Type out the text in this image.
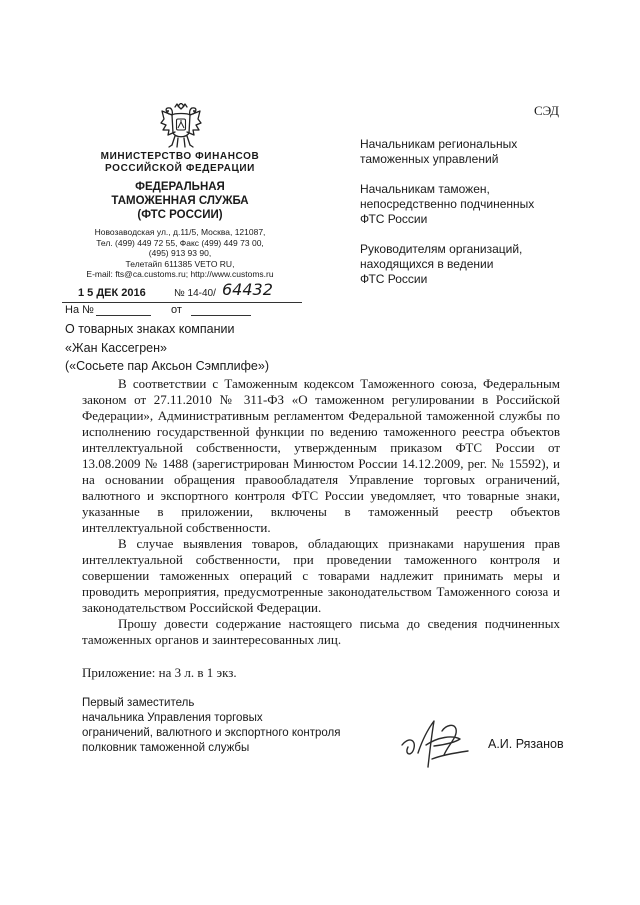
СЭД
МИНИСТЕРСТВО ФИНАНСОВ
РОССИЙСКОЙ ФЕДЕРАЦИИ
ФЕДЕРАЛЬНАЯ
ТАМОЖЕННАЯ СЛУЖБА
(ФТС РОССИИ)
Новозаводская ул., д.11/5, Москва, 121087,
Тел. (499) 449 72 55, Факс (499) 449 73 00,
(495) 913 93 90,
Телетайп 611385 VETO RU,
E-mail: fts@ca.customs.ru; http://www.customs.ru
1 5 ДЕК 2016	№ 14-40/ 64432
На №	от
О товарных знаках компании
«Жан Кассегрен»
(«Сосьете пар Аксьон Сэмплифе»)
Начальникам региональных
таможенных управлений
Начальникам таможен,
непосредственно подчиненных
ФТС России
Руководителям организаций,
находящихся в ведении
ФТС России

В соответствии с Таможенным кодексом Таможенного союза, Федеральным законом от 27.11.2010 № 311-ФЗ «О таможенном регулировании в Российской Федерации», Административным регламентом Федеральной таможенной службы по исполнению государственной функции по ведению таможенного реестра объектов интеллектуальной собственности, утвержденным приказом ФТС России от 13.08.2009 № 1488 (зарегистрирован Минюстом России 14.12.2009, рег. № 15592), и на основании обращения правообладателя Управление торговых ограничений, валютного и экспортного контроля ФТС России уведомляет, что товарные знаки, указанные в приложении, включены в таможенный реестр объектов интеллектуальной собственности.

В случае выявления товаров, обладающих признаками нарушения прав интеллектуальной собственности, при проведении таможенного контроля и совершении таможенных операций с товарами надлежит принимать меры и проводить мероприятия, предусмотренные законодательством Таможенного союза и законодательством Российской Федерации.

Прошу довести содержание настоящего письма до сведения подчиненных таможенных органов и заинтересованных лиц.

Приложение: на 3 л. в 1 экз.
Первый заместитель
начальника Управления торговых
ограничений, валютного и экспортного контроля
полковник таможенной службы	А.И. Рязанов
